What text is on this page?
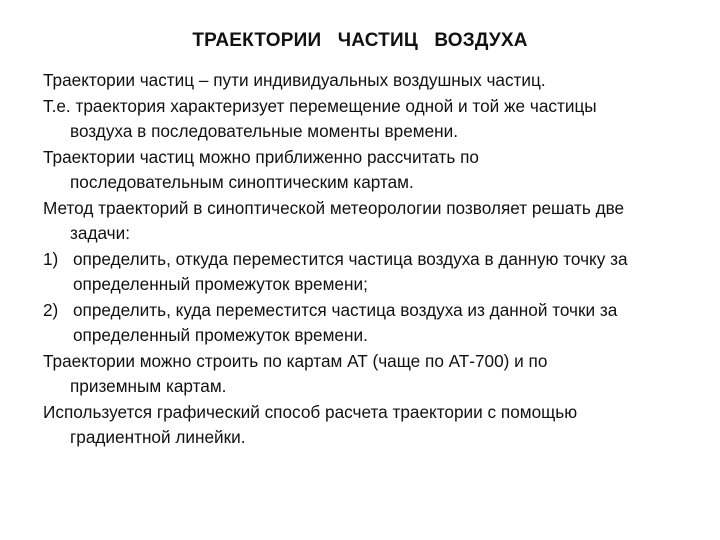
ТРАЕКТОРИИ   ЧАСТИЦ   ВОЗДУХА

Траектории частиц – пути индивидуальных воздушных частиц.

Т.е. траектория характеризует перемещение одной и той же частицы
воздуха в последовательные моменты времени.

Траектории частиц можно приближенно рассчитать по
последовательным синоптическим картам.

Метод траекторий в синоптической метеорологии позволяет решать две
задачи:

1) определить, откуда переместится частица воздуха в данную точку за
определенный промежуток времени;
2) определить, куда переместится частица воздуха из данной точки за
определенный промежуток времени.

Траектории можно строить по картам АТ (чаще по АТ-700) и по
приземным картам.

Используется графический способ расчета траектории с помощью
градиентной линейки.
